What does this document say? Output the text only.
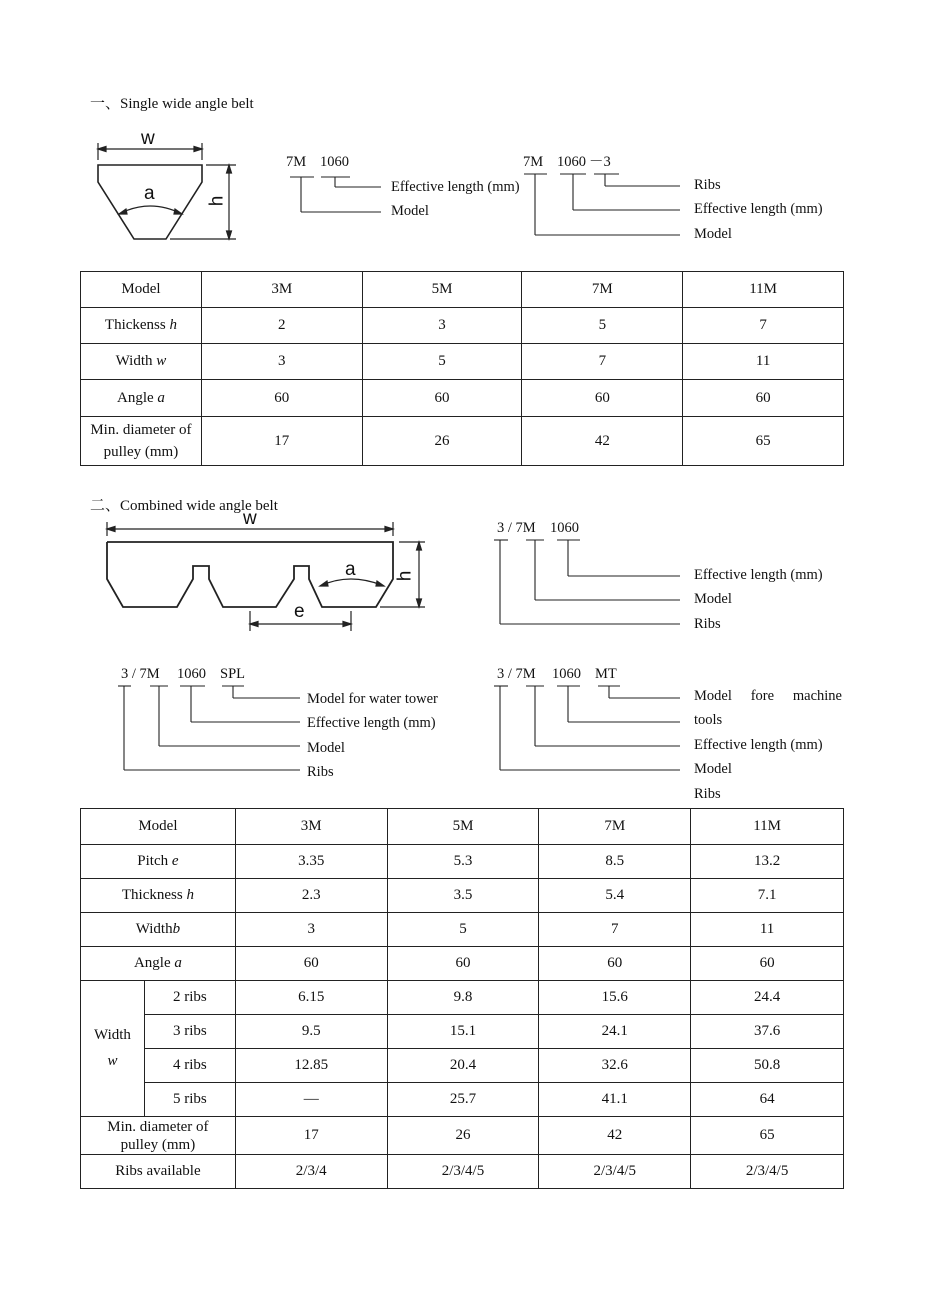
一、Single wide angle belt
w
a	h
7M 1060
Effective length (mm)
Model
7M 1060 －3
Ribs
Effective length (mm)
Model
Model	3M	5M	7M	11M
Thickenss h	2	3	5	7
Width w	3	5	7	11
Angle a	60	60	60	60
Min. diameter of pulley (mm)	17	26	42	65
二、Combined wide angle belt
w
a h
e
3 / 7M 1060
Effective length (mm)
Model
Ribs
3 / 7M 1060 SPL
Model for water tower
Effective length (mm)
Model
Ribs
3 / 7M 1060 MT
Model fore machine
tools
Effective length (mm)
Model
Ribs
Model		3M	5M	7M	11M
Pitch e		3.35	5.3	8.5	13.2
Thickness h		2.3	3.5	5.4	7.1
Widthb		3	5	7	11
Angle a		60	60	60	60
Width
w	2 ribs	6.15	9.8	15.6	24.4
	3 ribs	9.5	15.1	24.1	37.6
	4 ribs	12.85	20.4	32.6	50.8
	5 ribs	—	25.7	41.1	64
Min. diameter of pulley (mm)		17	26	42	65
Ribs available		2/3/4	2/3/4/5	2/3/4/5	2/3/4/5
